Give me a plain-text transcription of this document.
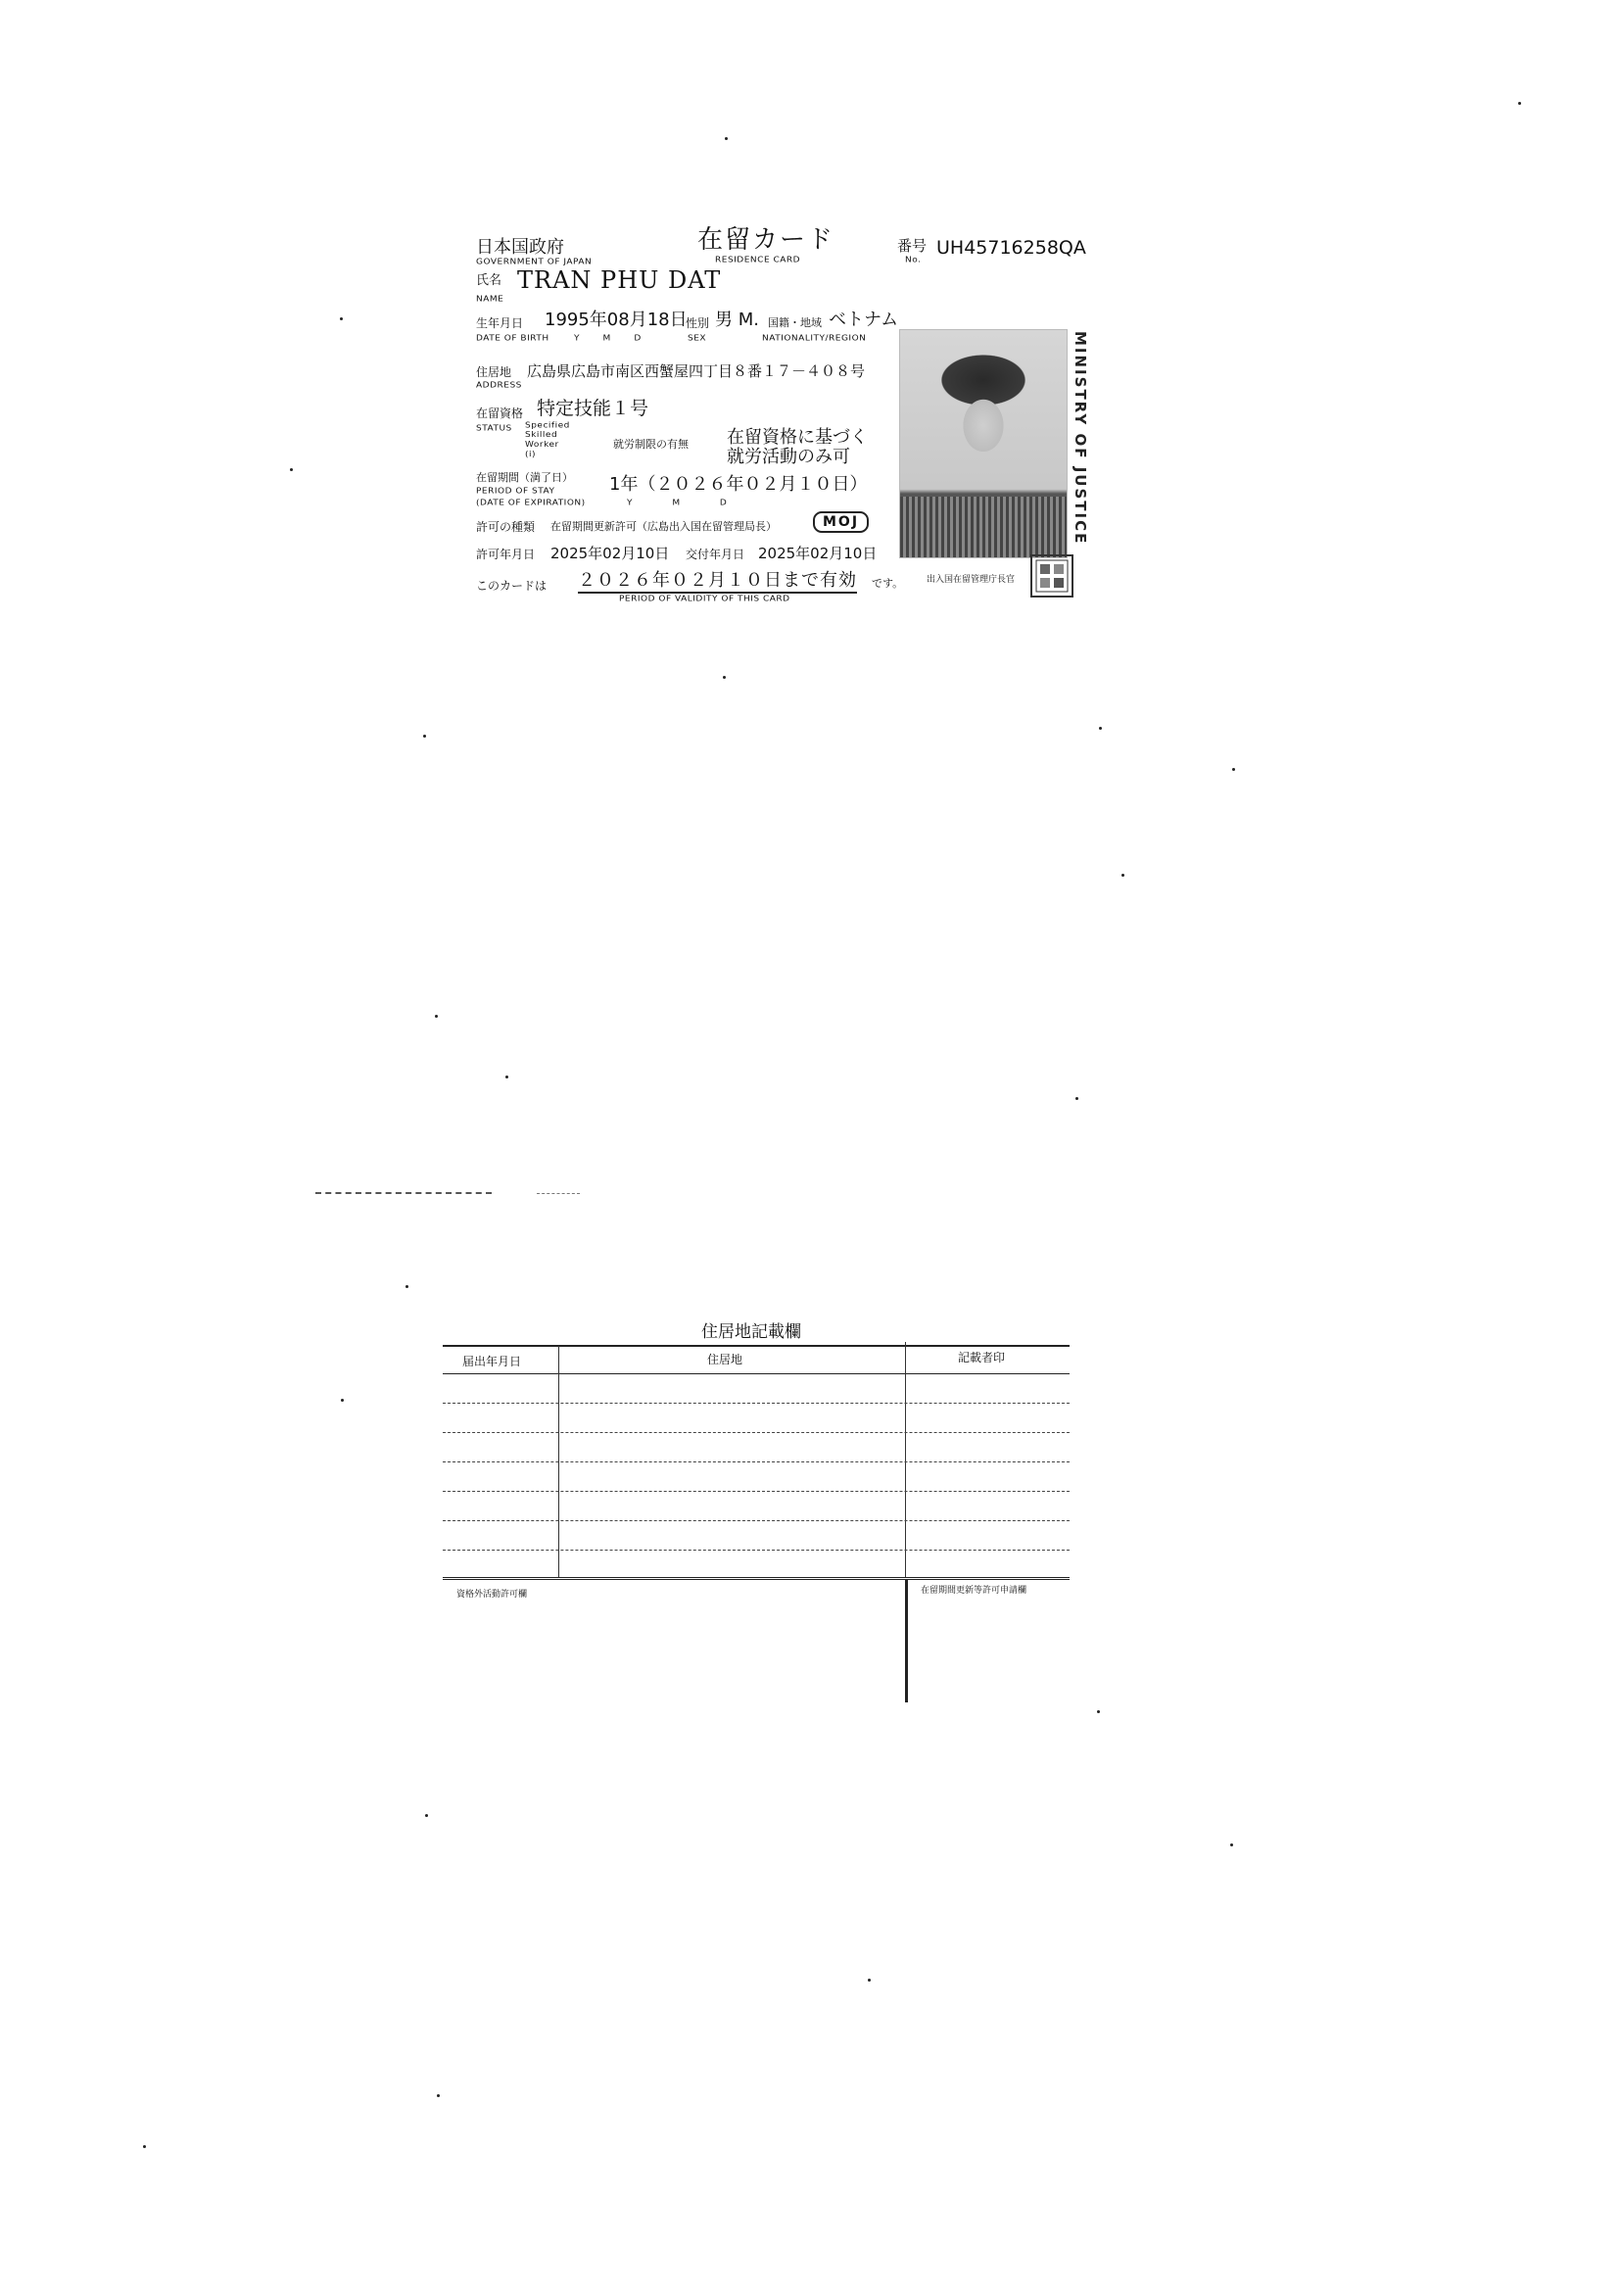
日本国政府
GOVERNMENT OF JAPAN
在留カード
RESIDENCE CARD
番号
No.
UH45716258QA
氏名 TRAN PHU DAT
NAME
生年月日 1995年08月18日
性別 男 M. 国籍・地域 ベトナム
DATE OF BIRTH	Y       M       D	SEX	NATIONALITY/REGION
住居地
ADDRESS
広島県広島市南区西蟹屋四丁目８番１７－４０８号
在留資格 特定技能１号
STATUS Specified
Skilled
Worker
(i)
就労制限の有無 在留資格に基づく
就労活動のみ可
在留期間（満了日）
PERIOD OF STAY
(DATE OF EXPIRATION)
1年（２０２６年０２月１０日）
Y            M            D
許可の種類 在留期間更新許可（広島出入国在留管理局長）	MOJ
許可年月日 2025年02月10日 交付年月日 2025年02月10日
このカードは ２０２６年０２月１０日まで有効 です。
PERIOD OF VALIDITY OF THIS CARD
出入国在留管理庁長官
MINISTRY OF JUSTICE
住居地記載欄
届出年月日	住居地	記載者印
資格外活動許可欄	在留期間更新等許可申請欄
